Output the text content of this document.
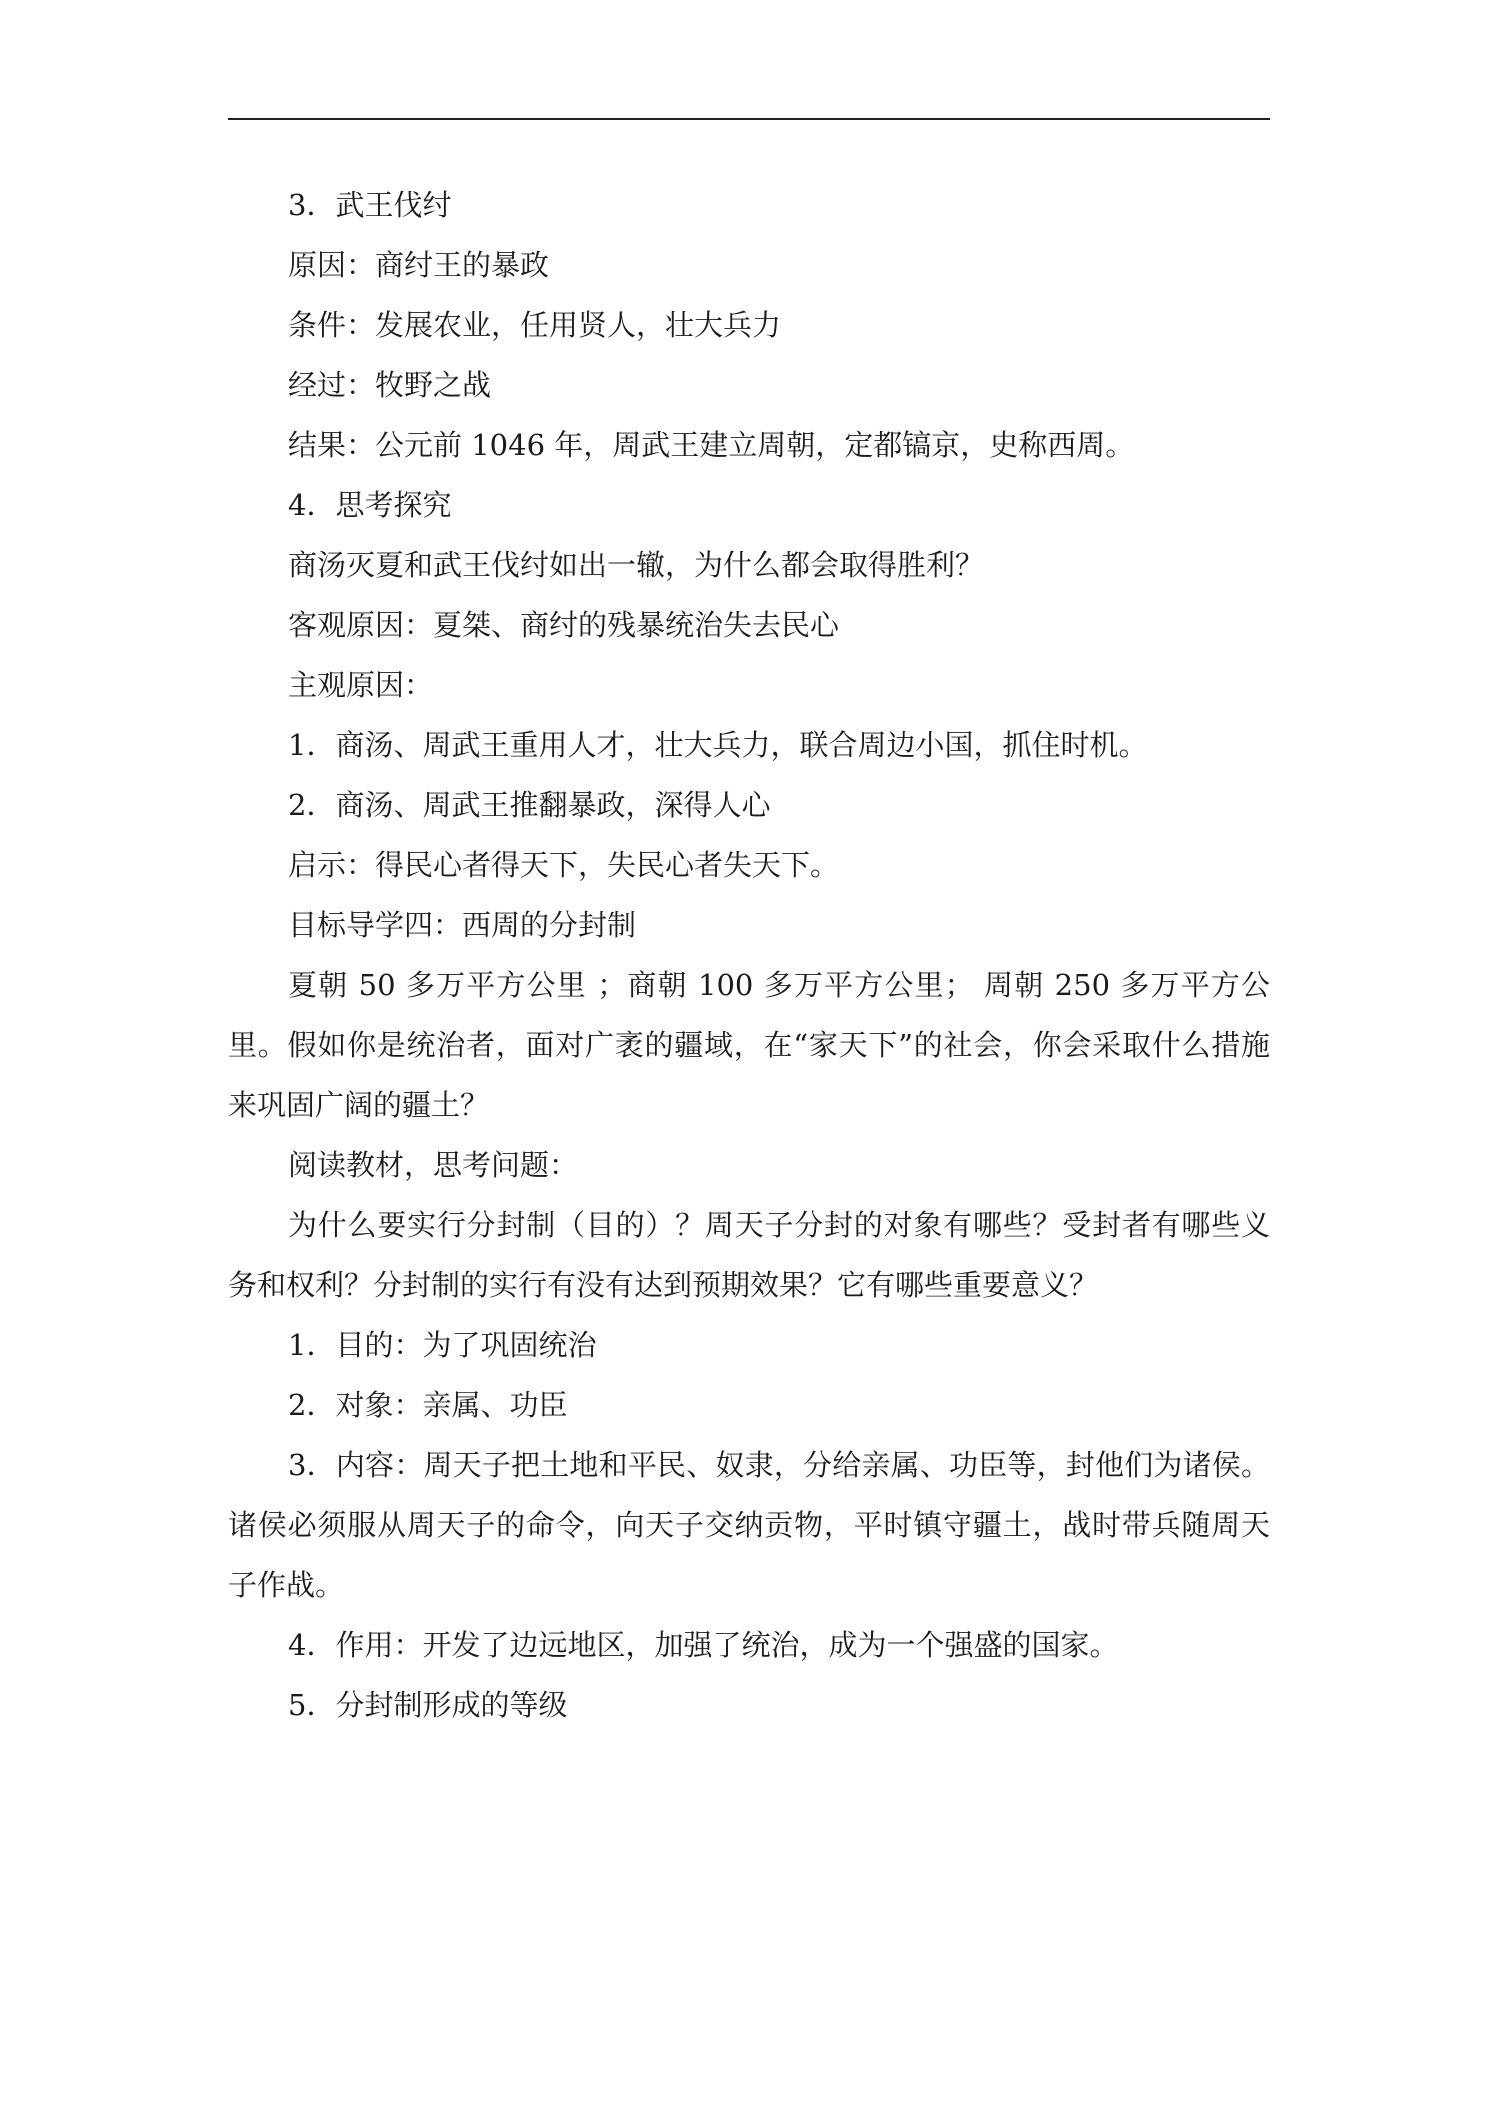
3．武王伐纣

原因：商纣王的暴政

条件：发展农业，任用贤人，壮大兵力

经过：牧野之战

结果：公元前 1046 年，周武王建立周朝，定都镐京，史称西周。

4．思考探究

商汤灭夏和武王伐纣如出一辙，为什么都会取得胜利？

客观原因：夏桀、商纣的残暴统治失去民心

主观原因：

1．商汤、周武王重用人才，壮大兵力，联合周边小国，抓住时机。

2．商汤、周武王推翻暴政，深得人心

启示：得民心者得天下，失民心者失天下。

目标导学四：西周的分封制

夏朝 50 多万平方公里 ；商朝 100 多万平方公里； 周朝 250 多万平方公里。假如你是统治者，面对广袤的疆域，在“家天下”的社会，你会采取什么措施来巩固广阔的疆土？

阅读教材，思考问题：

为什么要实行分封制（目的）？周天子分封的对象有哪些？受封者有哪些义务和权利？分封制的实行有没有达到预期效果？它有哪些重要意义？

1．目的：为了巩固统治

2．对象：亲属、功臣

3．内容：周天子把土地和平民、奴隶，分给亲属、功臣等，封他们为诸侯。诸侯必须服从周天子的命令，向天子交纳贡物，平时镇守疆土，战时带兵随周天子作战。

4．作用：开发了边远地区，加强了统治，成为一个强盛的国家。

5．分封制形成的等级
